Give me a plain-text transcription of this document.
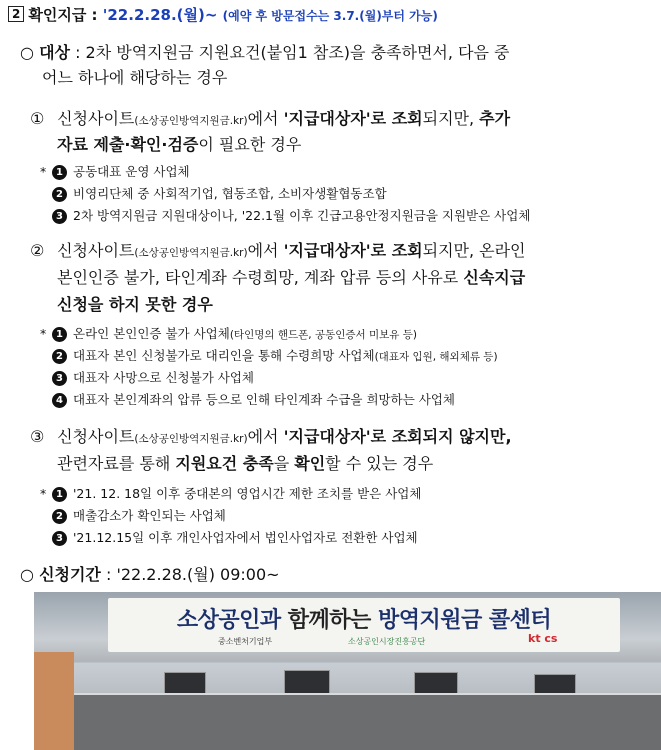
2 확인지급 : '22.2.28.(월)~ (예약 후 방문접수는 3.7.(월)부터 가능)
○ 대상 : 2차 방역지원금 지원요건(붙임1 참조)을 충족하면서, 다음 중
어느 하나에 해당하는 경우
① 신청사이트(소상공인방역지원금.kr)에서 '지급대상자'로 조회되지만, 추가
자료 제출·확인·검증이 필요한 경우
* 1 공동대표 운영 사업체
2 비영리단체 중 사회적기업, 협동조합, 소비자생활협동조합
3 2차 방역지원금 지원대상이나, '22.1월 이후 긴급고용안정지원금을 지원받은 사업체
② 신청사이트(소상공인방역지원금.kr)에서 '지급대상자'로 조회되지만, 온라인
본인인증 불가, 타인계좌 수령희망, 계좌 압류 등의 사유로 신속지급
신청을 하지 못한 경우
* 1 온라인 본인인증 불가 사업체(타인명의 핸드폰, 공동인증서 미보유 등)
2 대표자 본인 신청불가로 대리인을 통해 수령희망 사업체(대표자 입원, 해외체류 등)
3 대표자 사망으로 신청불가 사업체
4 대표자 본인계좌의 압류 등으로 인해 타인계좌 수급을 희망하는 사업체
③ 신청사이트(소상공인방역지원금.kr)에서 '지급대상자'로 조회되지 않지만,
관련자료를 통해 지원요건 충족을 확인할 수 있는 경우
* 1 '21. 12. 18일 이후 중대본의 영업시간 제한 조치를 받은 사업체
2 매출감소가 확인되는 사업체
3 '21.12.15일 이후 개인사업자에서 법인사업자로 전환한 사업체
○ 신청기간 : '22.2.28.(월) 09:00~
소상공인과 함께하는 방역지원금 콜센터
중소벤처기업부	소상공인시장진흥공단	kt cs
